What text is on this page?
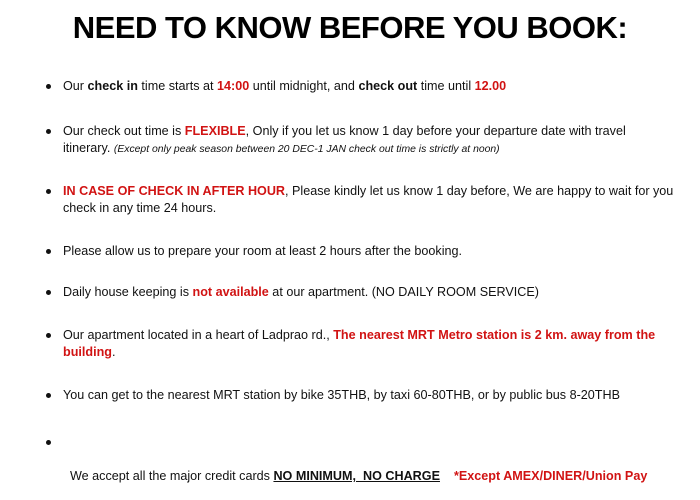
NEED TO KNOW BEFORE YOU BOOK:
Our check in time starts at 14:00 until midnight, and check out time until 12.00
Our check out time is FLEXIBLE, Only if you let us know 1 day before your departure date with travel itinerary. (Except only peak season between 20 DEC-1 JAN check out time is strictly at noon)
IN CASE OF CHECK IN AFTER HOUR, Please kindly let us know 1 day before, We are happy to wait for you check in any time 24 hours.
Please allow us to prepare your room at least 2 hours after the booking.
Daily house keeping is not available at our apartment. (NO DAILY ROOM SERVICE)
Our apartment located in a heart of Ladprao rd., The nearest MRT Metro station is 2 km. away from the building.
You can get to the nearest MRT station by bike 35THB, by taxi 60-80THB, or by public bus 8-20THB

We accept all the major credit cards NO MINIMUM,  NO CHARGE *Except AMEX/DINER/Union Pay
